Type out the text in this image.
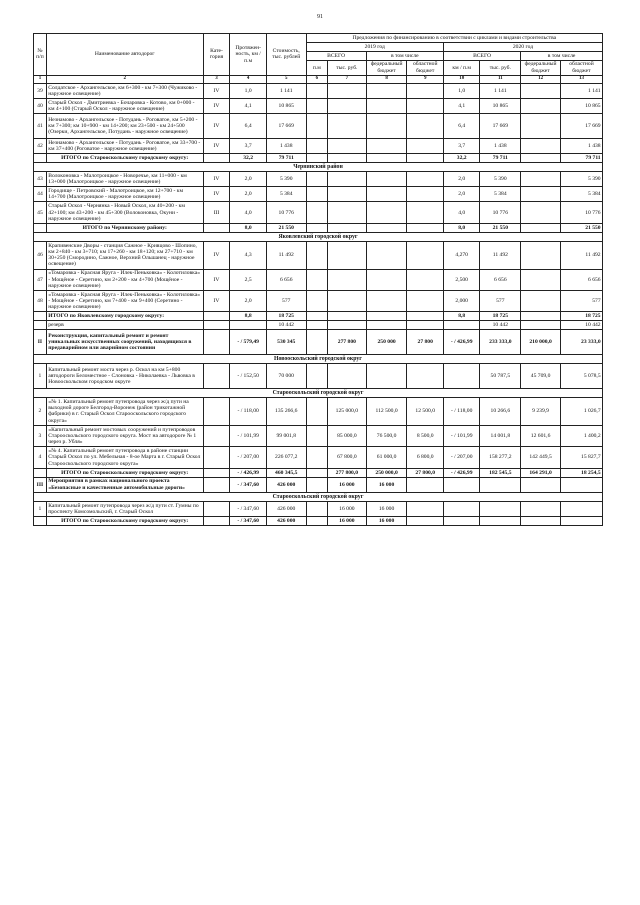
91
№ п/п	Наименование автодорог	Кате-гория	Протяжен-ность, км / п.м	Стоимость, тыс. рублей	Предложения по финансированию в соответствии с циклами и видами строительства							
					2019 год				2020 год			
					ВСЕГО		в том числе		ВСЕГО		в том числе	
					п.м	тыс. руб.	федеральный бюджет	областной бюджет	км / п.м	тыс. руб.	федеральный бюджет	областной бюджет
1	2	3	4	5	6	7	8	9	10	11	12	13
39	Солдатское - Архангельское, км 6+300 - км 7+300 (Чужиково - наружное освещение)	IV	1,0	1 141					1,0	1 141		1 141
40	Старый Оскол - Дмитриевка - Бочаровка - Котово, км 0+000 - км 4+100 (Старый Оскол - наружное освещение)	IV	4,1	10 865					4,1	10 865		10 865
41	Незнамово - Архангельское - Потудань - Роговатое, км 5+200 - км 7+300; км 10+900 - км 14+200; км 23+500 - км 24+500 (Озерки, Архангельское, Потудань - наружное освещение)	IV	6,4	17 669					6,4	17 669		17 669
42	Незнамово - Архангельское - Потудань - Роговатое, км 33+700 - км 37+400 (Роговатое - наружное освещение)	IV	3,7	1 438					3,7	1 438		1 438
	ИТОГО по Старооскольскому городскому округу:		32,2	79 711					32,2	79 711		79 711
Чернянский район												
43	Волоконовка - Малотроицкое - Новоречье, км 11+000 - км 13+000 (Малотроицкое - наружное освещение)	IV	2,0	5 390					2,0	5 390		5 390
44	Городище - Петровский - Малотроицкое, км 12+700 - км 14+700 (Малотроицкое - наружное освещение)	IV	2,0	5 384					2,0	5 384		5 384
45	Старый Оскол - Чернянка - Новый Оскол, км 40+200 - км 42+100; км 43+200 - км 45+300 (Волоконовка, Окуни - наружное освещение)	III	4,0	10 776					4,0	10 776		10 776
	ИТОГО по Чернянскому району:		8,0	21 550					8,0	21 550		21 550
Яковлевский городской округ												
46	Крапивенские Дворы - станция Сажное - Кривцово - Шопино, км 2+840 - км 3+710; км 17+260 - км 18+120; км 27+710 - км 30+250 (Смородино, Сажное, Верхний Ольшанец - наружное освещение)	IV	4,3	11 492					4,270	11 492		11 492
47	«Томаровка - Красная Яруга - Илек-Пеньковка» - Колотиловка» - Мощёное - Серетино, км 2+200 - км 4+700 (Мощёное - наружное освещение)	IV	2,5	6 656					2,500	6 656		6 656
48	«Томаровка - Красная Яруга - Илек-Пеньковка» - Колотиловка» - Мощёное - Серетино, км 7+400 - км 9+400 (Серетино - наружное освещение)	IV	2,0	577					2,000	577		577
	ИТОГО по Яковлевскому городскому округу:		8,8	18 725					8,8	18 725		18 725
	резерв			10 442						10 442		10 442
II	Реконструкция, капитальный ремонт и ремонт уникальных искусственных сооружений, находящихся в предаварийном или аварийном состоянии		- / 579,49	530 345		277 800	250 000	27 800	- / 426,99	233 333,0	210 000,0	23 333,0
Новооскольский городской округ												
1	Капитальный ремонт моста через р. Оскол на км 5+800 автодороги Беломестное - Слоновка - Николаевка - Львовка в Новооскольском городском округе		- / 152,50	70 000						50 787,5	45 709,0	5 078,5
Старооскольский городской округ												
2	«№ 1. Капитальный ремонт путепровода через ж/д пути на выходной дороге Белгород-Воронеж (район трикотажной фабрики) в г. Старый Оскол Старооскольского городского округа»		- / 118,00	135 266,6		125 000,0	112 500,0	12 500,0	- / 118,00	10 266,6	9 239,9	1 026,7
3	«Капитальный ремонт мостовых сооружений и путепроводов Старооскольского городского округа. Мост на автодороге № 1 через р. Убля»		- / 101,99	99 001,8		85 000,0	76 500,0	8 500,0	- / 101,99	14 001,8	12 601,6	1 400,2
4	«№ 4. Капитальный ремонт путепровода в районе станции Старый Оскол по ул. Мебельная - 8-ое Марта в г. Старый Оскол Старооскольского городского округа»		- / 207,00	226 077,2		67 800,0	61 000,0	6 800,0	- / 207,00	158 277,2	142 449,5	15 827,7
	ИТОГО по Старооскольскому городскому округу:		- / 426,99	460 345,5		277 800,0	250 000,0	27 800,0	- / 426,99	182 545,5	164 291,0	18 254,5
III	Мероприятия в рамках национального проекта «Безопасные и качественные автомобильные дороги»		- / 347,60	426 000		16 000	16 000					
Старооскольский городской округ												
1	Капитальный ремонт путепровода через ж/д пути ст. Гумны по проспекту Комсомольский, г. Старый Оскол		- / 347,60	426 000		16 000	16 000					
	ИТОГО по Старооскольскому городскому округу:		- / 347,60	426 000		16 000	16 000					
